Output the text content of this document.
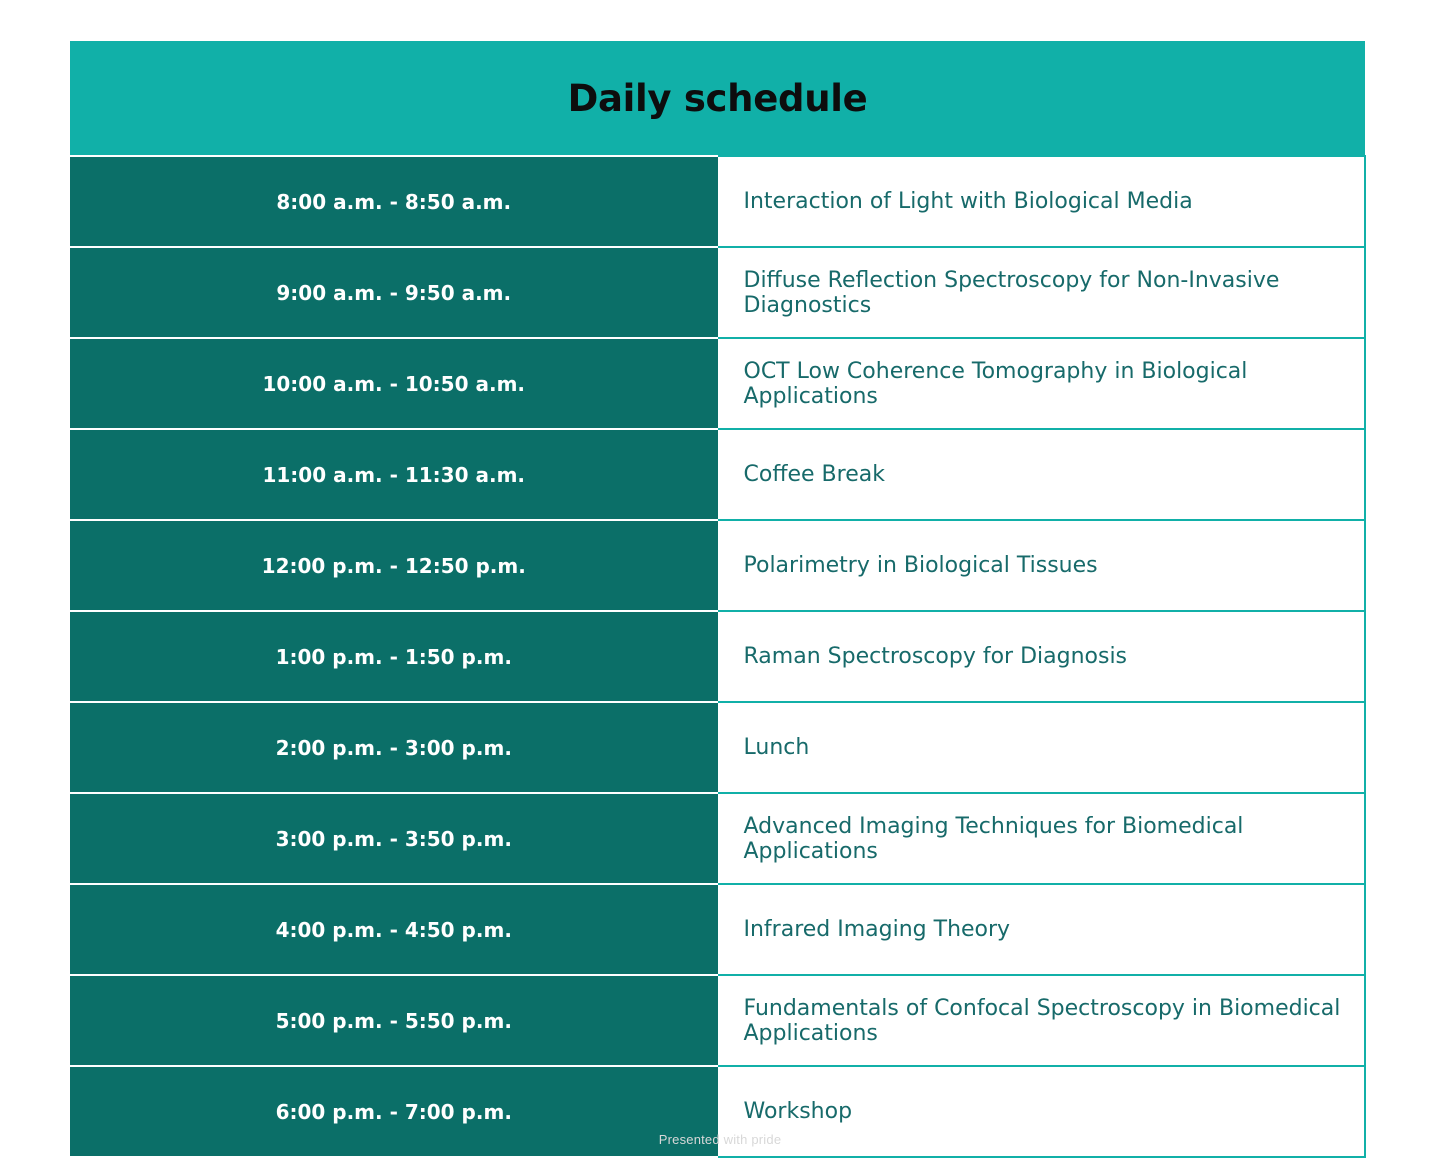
Daily schedule	
8:00 a.m. - 8:50 a.m.	Interaction of Light with Biological Media
9:00 a.m. - 9:50 a.m.	Diffuse Reflection Spectroscopy for Non-Invasive Diagnostics
10:00 a.m. - 10:50 a.m.	OCT Low Coherence Tomography in Biological Applications
11:00 a.m. - 11:30 a.m.	Coffee Break
12:00 p.m. - 12:50 p.m.	Polarimetry in Biological Tissues
1:00 p.m. - 1:50 p.m.	Raman Spectroscopy for Diagnosis
2:00 p.m. - 3:00 p.m.	Lunch
3:00 p.m. - 3:50 p.m.	Advanced Imaging Techniques for Biomedical Applications
4:00 p.m. - 4:50 p.m.	Infrared Imaging Theory
5:00 p.m. - 5:50 p.m.	Fundamentals of Confocal Spectroscopy in Biomedical Applications
6:00 p.m. - 7:00 p.m.	Workshop
Presented with pride
